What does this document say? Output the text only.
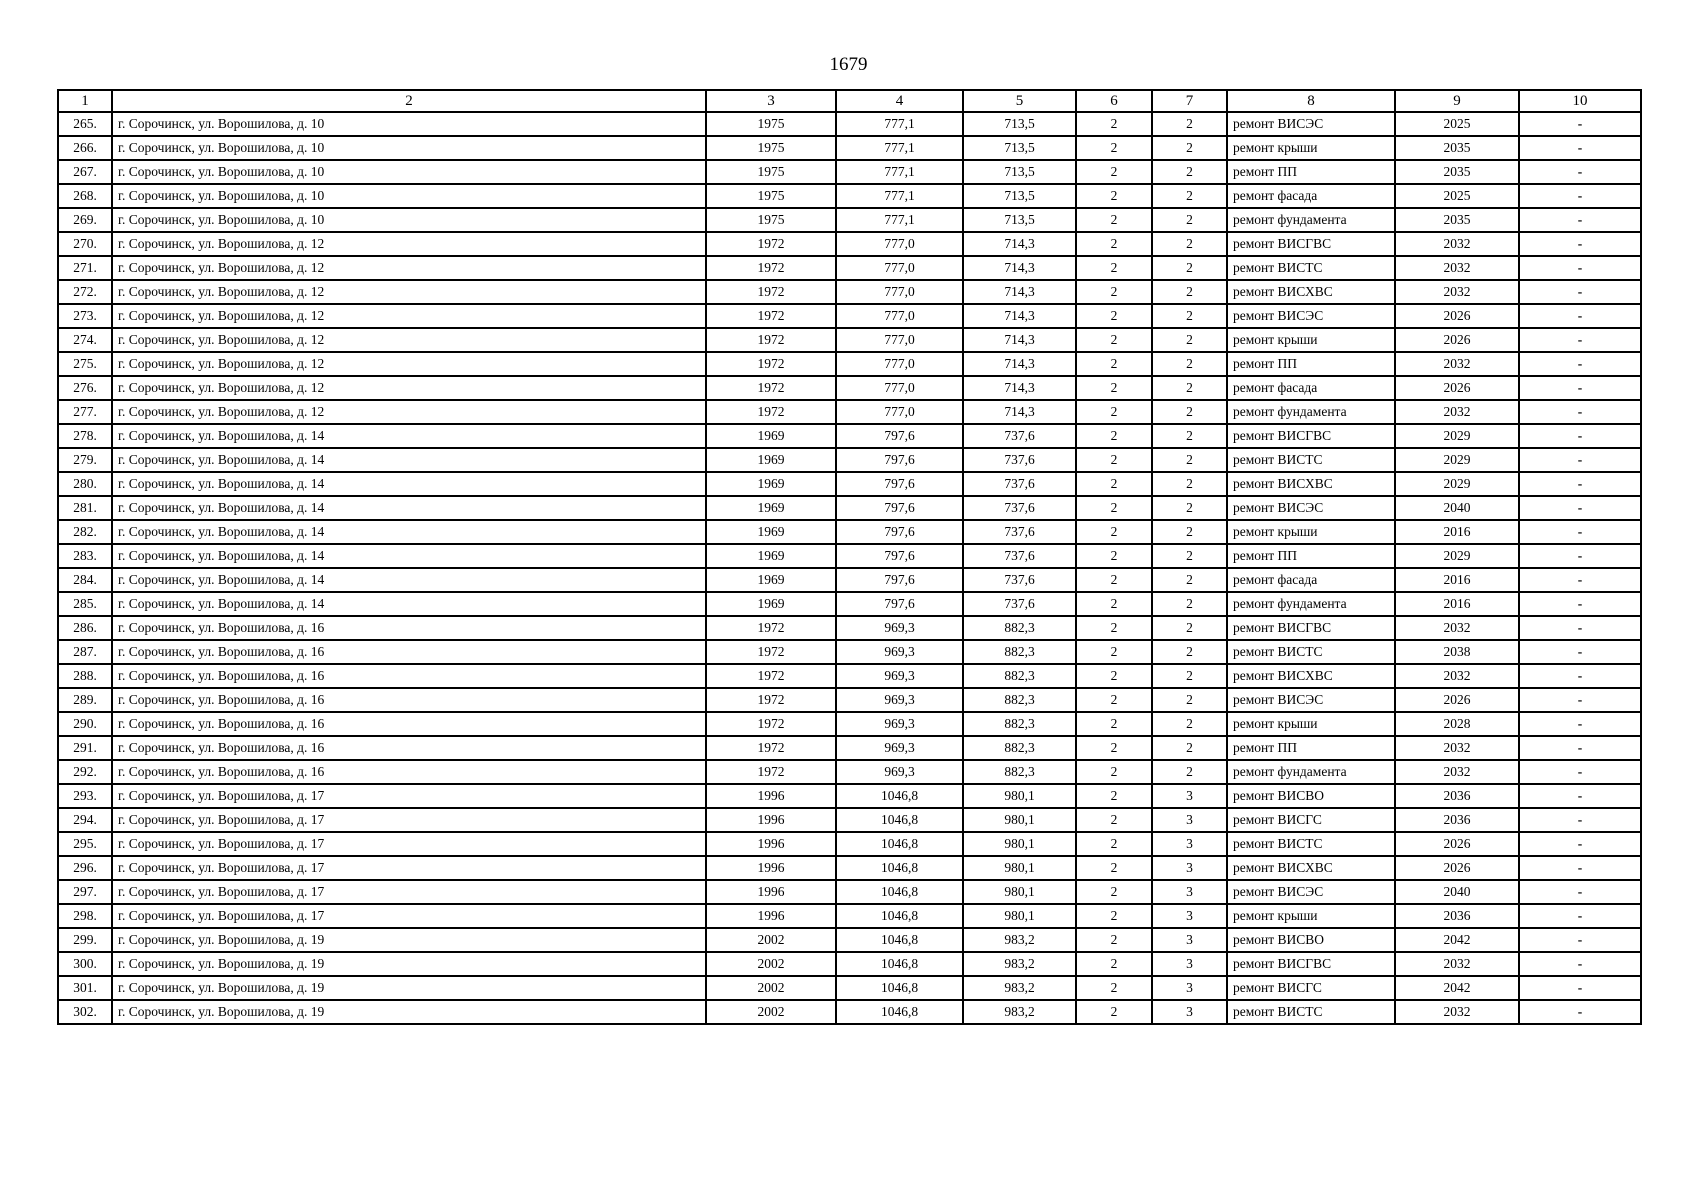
1679
1	2	3	4	5	6	7	8	9	10
265.	г. Сорочинск, ул. Ворошилова, д. 10	1975	777,1	713,5	2	2	ремонт ВИСЭС	2025	-
266.	г. Сорочинск, ул. Ворошилова, д. 10	1975	777,1	713,5	2	2	ремонт крыши	2035	-
267.	г. Сорочинск, ул. Ворошилова, д. 10	1975	777,1	713,5	2	2	ремонт ПП	2035	-
268.	г. Сорочинск, ул. Ворошилова, д. 10	1975	777,1	713,5	2	2	ремонт фасада	2025	-
269.	г. Сорочинск, ул. Ворошилова, д. 10	1975	777,1	713,5	2	2	ремонт фундамента	2035	-
270.	г. Сорочинск, ул. Ворошилова, д. 12	1972	777,0	714,3	2	2	ремонт ВИСГВС	2032	-
271.	г. Сорочинск, ул. Ворошилова, д. 12	1972	777,0	714,3	2	2	ремонт ВИСТС	2032	-
272.	г. Сорочинск, ул. Ворошилова, д. 12	1972	777,0	714,3	2	2	ремонт ВИСХВС	2032	-
273.	г. Сорочинск, ул. Ворошилова, д. 12	1972	777,0	714,3	2	2	ремонт ВИСЭС	2026	-
274.	г. Сорочинск, ул. Ворошилова, д. 12	1972	777,0	714,3	2	2	ремонт крыши	2026	-
275.	г. Сорочинск, ул. Ворошилова, д. 12	1972	777,0	714,3	2	2	ремонт ПП	2032	-
276.	г. Сорочинск, ул. Ворошилова, д. 12	1972	777,0	714,3	2	2	ремонт фасада	2026	-
277.	г. Сорочинск, ул. Ворошилова, д. 12	1972	777,0	714,3	2	2	ремонт фундамента	2032	-
278.	г. Сорочинск, ул. Ворошилова, д. 14	1969	797,6	737,6	2	2	ремонт ВИСГВС	2029	-
279.	г. Сорочинск, ул. Ворошилова, д. 14	1969	797,6	737,6	2	2	ремонт ВИСТС	2029	-
280.	г. Сорочинск, ул. Ворошилова, д. 14	1969	797,6	737,6	2	2	ремонт ВИСХВС	2029	-
281.	г. Сорочинск, ул. Ворошилова, д. 14	1969	797,6	737,6	2	2	ремонт ВИСЭС	2040	-
282.	г. Сорочинск, ул. Ворошилова, д. 14	1969	797,6	737,6	2	2	ремонт крыши	2016	-
283.	г. Сорочинск, ул. Ворошилова, д. 14	1969	797,6	737,6	2	2	ремонт ПП	2029	-
284.	г. Сорочинск, ул. Ворошилова, д. 14	1969	797,6	737,6	2	2	ремонт фасада	2016	-
285.	г. Сорочинск, ул. Ворошилова, д. 14	1969	797,6	737,6	2	2	ремонт фундамента	2016	-
286.	г. Сорочинск, ул. Ворошилова, д. 16	1972	969,3	882,3	2	2	ремонт ВИСГВС	2032	-
287.	г. Сорочинск, ул. Ворошилова, д. 16	1972	969,3	882,3	2	2	ремонт ВИСТС	2038	-
288.	г. Сорочинск, ул. Ворошилова, д. 16	1972	969,3	882,3	2	2	ремонт ВИСХВС	2032	-
289.	г. Сорочинск, ул. Ворошилова, д. 16	1972	969,3	882,3	2	2	ремонт ВИСЭС	2026	-
290.	г. Сорочинск, ул. Ворошилова, д. 16	1972	969,3	882,3	2	2	ремонт крыши	2028	-
291.	г. Сорочинск, ул. Ворошилова, д. 16	1972	969,3	882,3	2	2	ремонт ПП	2032	-
292.	г. Сорочинск, ул. Ворошилова, д. 16	1972	969,3	882,3	2	2	ремонт фундамента	2032	-
293.	г. Сорочинск, ул. Ворошилова, д. 17	1996	1046,8	980,1	2	3	ремонт ВИСВО	2036	-
294.	г. Сорочинск, ул. Ворошилова, д. 17	1996	1046,8	980,1	2	3	ремонт ВИСГС	2036	-
295.	г. Сорочинск, ул. Ворошилова, д. 17	1996	1046,8	980,1	2	3	ремонт ВИСТС	2026	-
296.	г. Сорочинск, ул. Ворошилова, д. 17	1996	1046,8	980,1	2	3	ремонт ВИСХВС	2026	-
297.	г. Сорочинск, ул. Ворошилова, д. 17	1996	1046,8	980,1	2	3	ремонт ВИСЭС	2040	-
298.	г. Сорочинск, ул. Ворошилова, д. 17	1996	1046,8	980,1	2	3	ремонт крыши	2036	-
299.	г. Сорочинск, ул. Ворошилова, д. 19	2002	1046,8	983,2	2	3	ремонт ВИСВО	2042	-
300.	г. Сорочинск, ул. Ворошилова, д. 19	2002	1046,8	983,2	2	3	ремонт ВИСГВС	2032	-
301.	г. Сорочинск, ул. Ворошилова, д. 19	2002	1046,8	983,2	2	3	ремонт ВИСГС	2042	-
302.	г. Сорочинск, ул. Ворошилова, д. 19	2002	1046,8	983,2	2	3	ремонт ВИСТС	2032	-
